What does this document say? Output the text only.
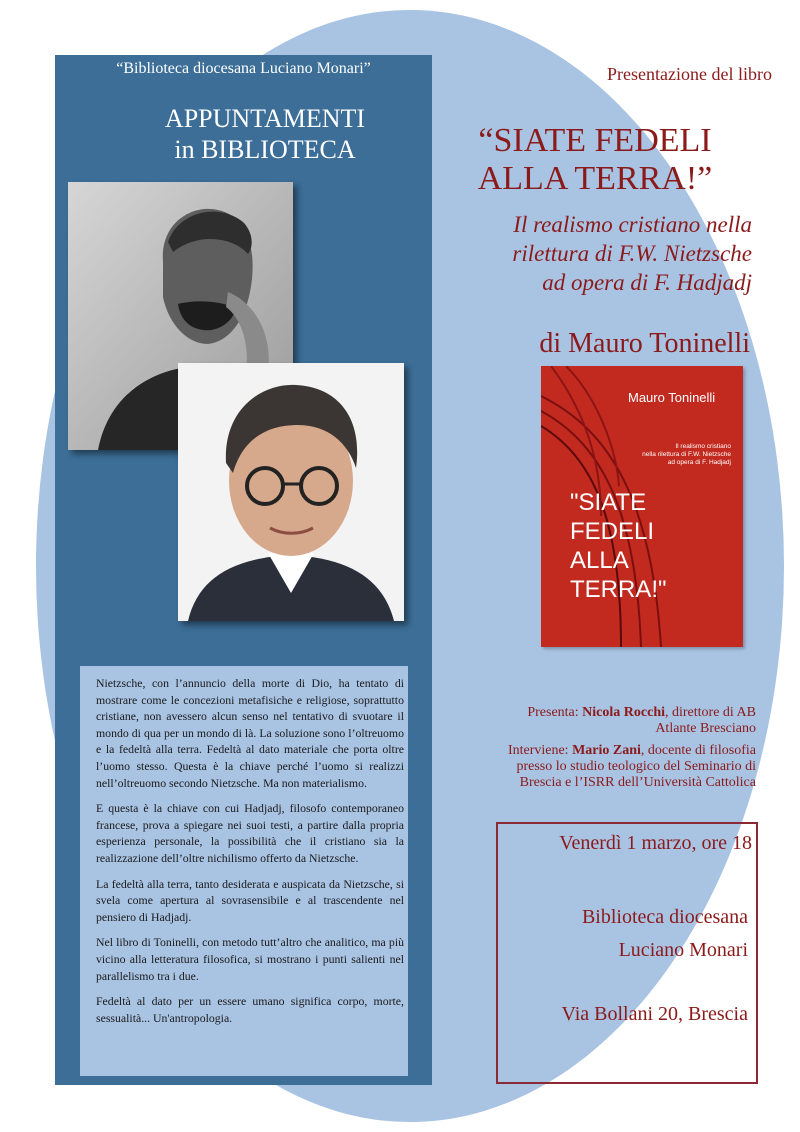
“Biblioteca diocesana Luciano Monari”
APPUNTAMENTI
in BIBLIOTECA

Nietzsche, con l’annuncio della morte di Dio, ha tentato di mostrare come le concezioni metafisiche e religiose, soprattutto cristiane, non avessero alcun senso nel tentativo di svuotare il mondo di qua per un mondo di là. La soluzione sono l’oltreuomo e la fedeltà alla terra. Fedeltà al dato materiale che porta oltre l’uomo stesso. Questa è la chiave perché l’uomo si realizzi nell’oltreuomo secondo Nietzsche. Ma non materialismo.

E questa è la chiave con cui Hadjadj, filosofo contemporaneo francese, prova a spiegare nei suoi testi, a partire dalla propria esperienza personale, la possibilità che il cristiano sia la realizzazione dell’oltre nichilismo offerto da Nietzsche.

La fedeltà alla terra, tanto desiderata e auspicata da Nietzsche, si svela come apertura al sovrasensibile e al trascendente nel pensiero di Hadjadj.

Nel libro di Toninelli, con metodo tutt’altro che analitico, ma più vicino alla letteratura filosofica, si mostrano i punti salienti nel parallelismo tra i due.

Fedeltà al dato per un essere umano significa corpo, morte, sessualità... Un'antropologia.

Presentazione del libro
“SIATE FEDELI
ALLA TERRA!”
Il realismo cristiano nella
rilettura di F.W. Nietzsche
ad opera di F. Hadjadj
di Mauro Toninelli
Mauro Toninelli
Il realismo cristiano
nella rilettura di F.W. Nietzsche
ad opera di F. Hadjadj
"SIATE
FEDELI
ALLA
TERRA!"
Presenta: Nicola Rocchi, direttore di AB
Atlante Bresciano
Interviene: Mario Zani, docente di filosofia
presso lo studio teologico del Seminario di
Brescia e l’ISRR dell’Università Cattolica
Venerdì 1 marzo, ore 18
Biblioteca diocesana
Luciano Monari
Via Bollani 20, Brescia
